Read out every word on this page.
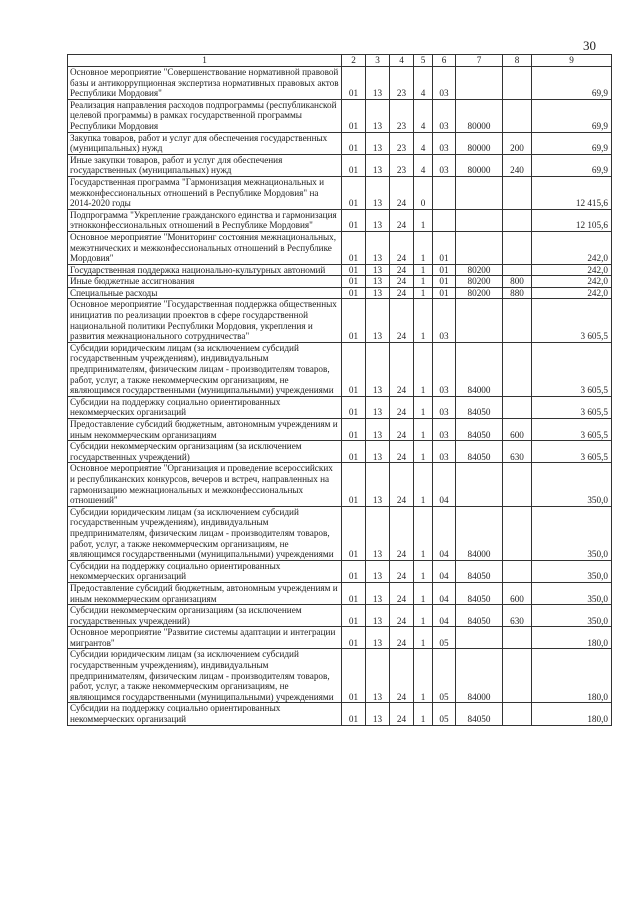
30
1	2	3	4	5	6	7	8	9
Основное мероприятие "Совершенствование нормативной правовой базы и антикоррупционная экспертиза нормативных правовых актов Республики Мордовия"	01	13	23	4	03			69,9
Реализация направления расходов подпрограммы (республиканской целевой программы) в рамках государственной программы Республики Мордовия	01	13	23	4	03	80000		69,9
Закупка товаров, работ и услуг для обеспечения государственных (муниципальных) нужд	01	13	23	4	03	80000	200	69,9
Иные закупки товаров, работ и услуг для обеспечения государственных (муниципальных) нужд	01	13	23	4	03	80000	240	69,9
Государственная программа "Гармонизация межнациональных и межконфессиональных отношений в Республике Мордовия" на 2014-2020 годы	01	13	24	0				12 415,6
Подпрограмма "Укрепление гражданского единства и гармонизация этнокконфессиональных отношений в Республике Мордовия"	01	13	24	1				12 105,6
Основное мероприятие "Мониторинг состояния межнациональных, межэтнических и межконфессиональных отношений в Республике Мордовия"	01	13	24	1	01			242,0
Государственная поддержка национально-культурных автономий	01	13	24	1	01	80200		242,0
Иные бюджетные ассигнования	01	13	24	1	01	80200	800	242,0
Специальные расходы	01	13	24	1	01	80200	880	242,0
Основное мероприятие "Государственная поддержка общественных инициатив по реализации проектов в сфере государственной национальной политики Республики Мордовия, укрепления и развития межнационального сотрудничества"	01	13	24	1	03			3 605,5
Субсидии юридическим лицам (за исключением субсидий государственным учреждениям), индивидуальным предпринимателям, физическим лицам - производителям товаров, работ, услуг, а также некоммерческим организациям, не являющимся государственными (муниципальными) учреждениями	01	13	24	1	03	84000		3 605,5
Субсидии на поддержку социально ориентированных некоммерческих организаций	01	13	24	1	03	84050		3 605,5
Предоставление субсидий бюджетным, автономным учреждениям и иным некоммерческим организациям	01	13	24	1	03	84050	600	3 605,5
Субсидии некоммерческим организациям (за исключением государственных учреждений)	01	13	24	1	03	84050	630	3 605,5
Основное мероприятие "Организация и проведение всероссийских и республиканских конкурсов, вечеров и встреч, направленных на гармонизацию межнациональных и межконфессиональных отношений"	01	13	24	1	04			350,0
Субсидии юридическим лицам (за исключением субсидий государственным учреждениям), индивидуальным предпринимателям, физическим лицам - производителям товаров, работ, услуг, а также некоммерческим организациям, не являющимся государственными (муниципальными) учреждениями	01	13	24	1	04	84000		350,0
Субсидии на поддержку социально ориентированных некоммерческих организаций	01	13	24	1	04	84050		350,0
Предоставление субсидий бюджетным, автономным учреждениям и иным некоммерческим организациям	01	13	24	1	04	84050	600	350,0
Субсидии некоммерческим организациям (за исключением государственных учреждений)	01	13	24	1	04	84050	630	350,0
Основное мероприятие "Развитие системы адаптации и интеграции мигрантов"	01	13	24	1	05			180,0
Субсидии юридическим лицам (за исключением субсидий государственным учреждениям), индивидуальным предпринимателям, физическим лицам - производителям товаров, работ, услуг, а также некоммерческим организациям, не являющимся государственными (муниципальными) учреждениями	01	13	24	1	05	84000		180,0
Субсидии на поддержку социально ориентированных некоммерческих организаций	01	13	24	1	05	84050		180,0
